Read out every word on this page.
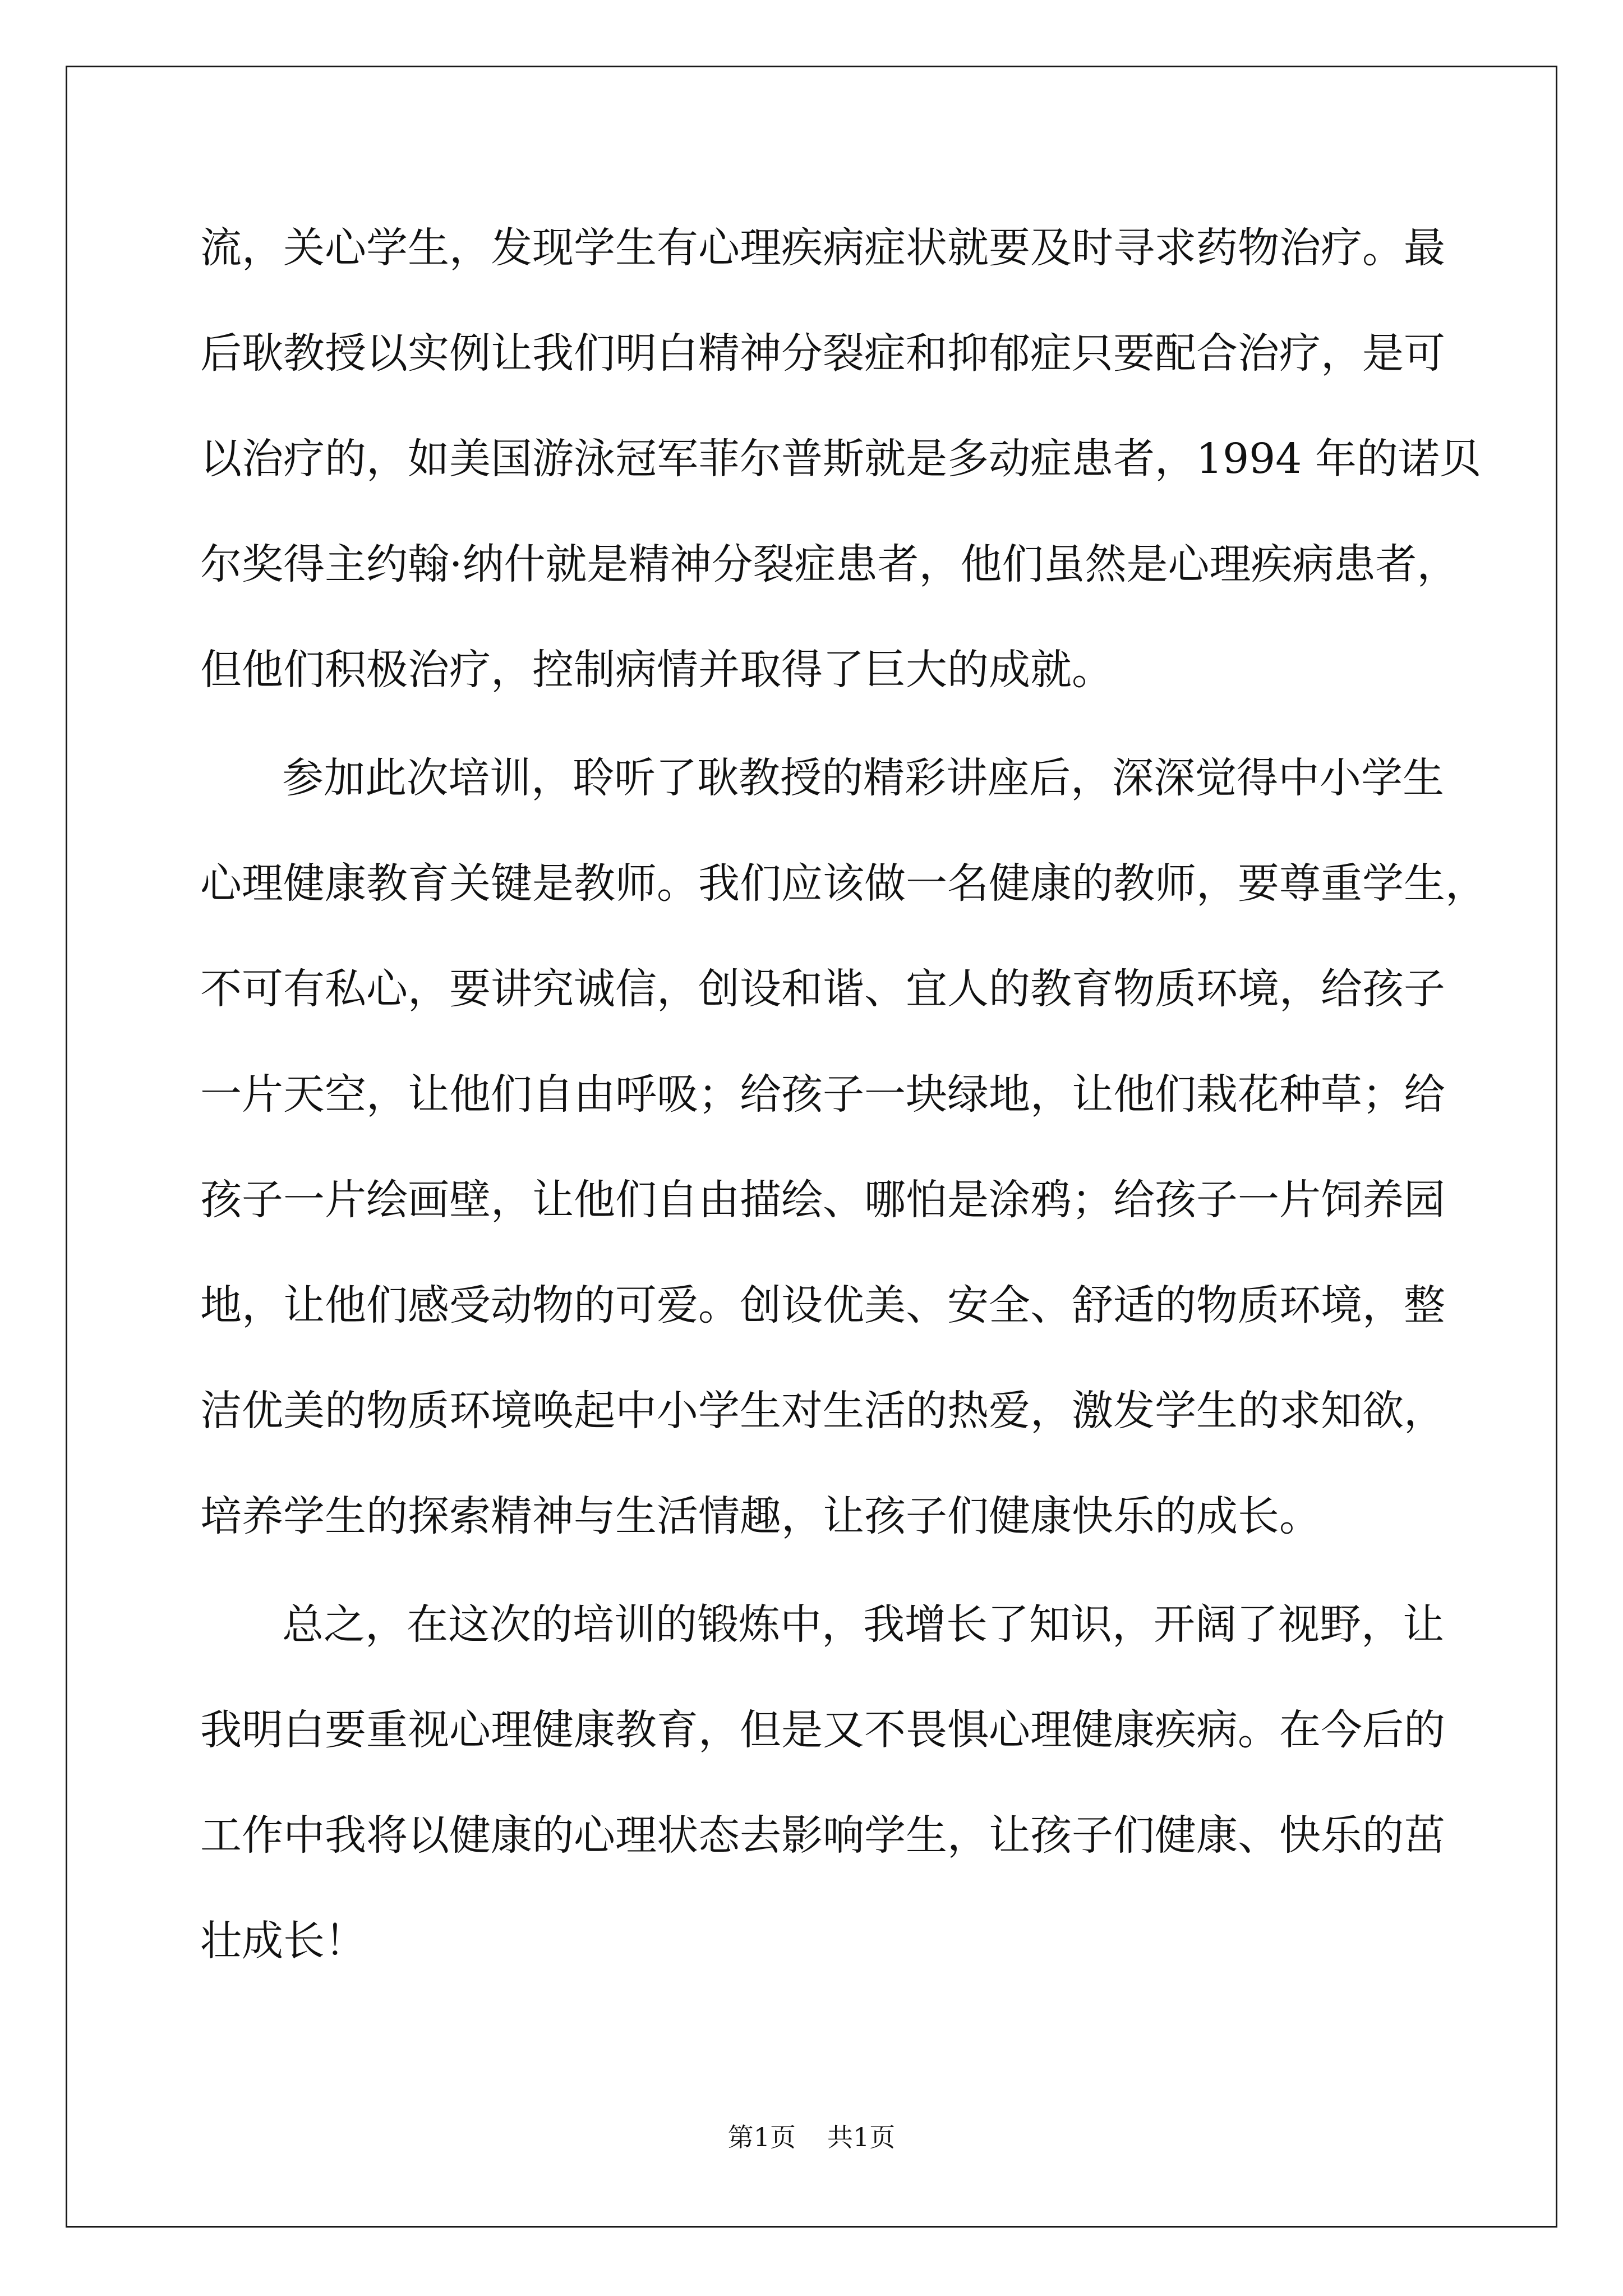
流，关心学生，发现学生有心理疾病症状就要及时寻求药物治疗。最

后耿教授以实例让我们明白精神分裂症和抑郁症只要配合治疗，是可

以治疗的，如美国游泳冠军菲尔普斯就是多动症患者，1994 年的诺贝

尔奖得主约翰·纳什就是精神分裂症患者，他们虽然是心理疾病患者，

但他们积极治疗，控制病情并取得了巨大的成就。

参加此次培训，聆听了耿教授的精彩讲座后，深深觉得中小学生

心理健康教育关键是教师。我们应该做一名健康的教师，要尊重学生，

不可有私心，要讲究诚信，创设和谐、宜人的教育物质环境，给孩子

一片天空，让他们自由呼吸；给孩子一块绿地，让他们栽花种草；给

孩子一片绘画壁，让他们自由描绘、哪怕是涂鸦；给孩子一片饲养园

地，让他们感受动物的可爱。创设优美、安全、舒适的物质环境，整

洁优美的物质环境唤起中小学生对生活的热爱，激发学生的求知欲，

培养学生的探索精神与生活情趣，让孩子们健康快乐的成长。

总之，在这次的培训的锻炼中，我增长了知识，开阔了视野，让

我明白要重视心理健康教育，但是又不畏惧心理健康疾病。在今后的

工作中我将以健康的心理状态去影响学生，让孩子们健康、快乐的茁

壮成长！

第1页 共1页
